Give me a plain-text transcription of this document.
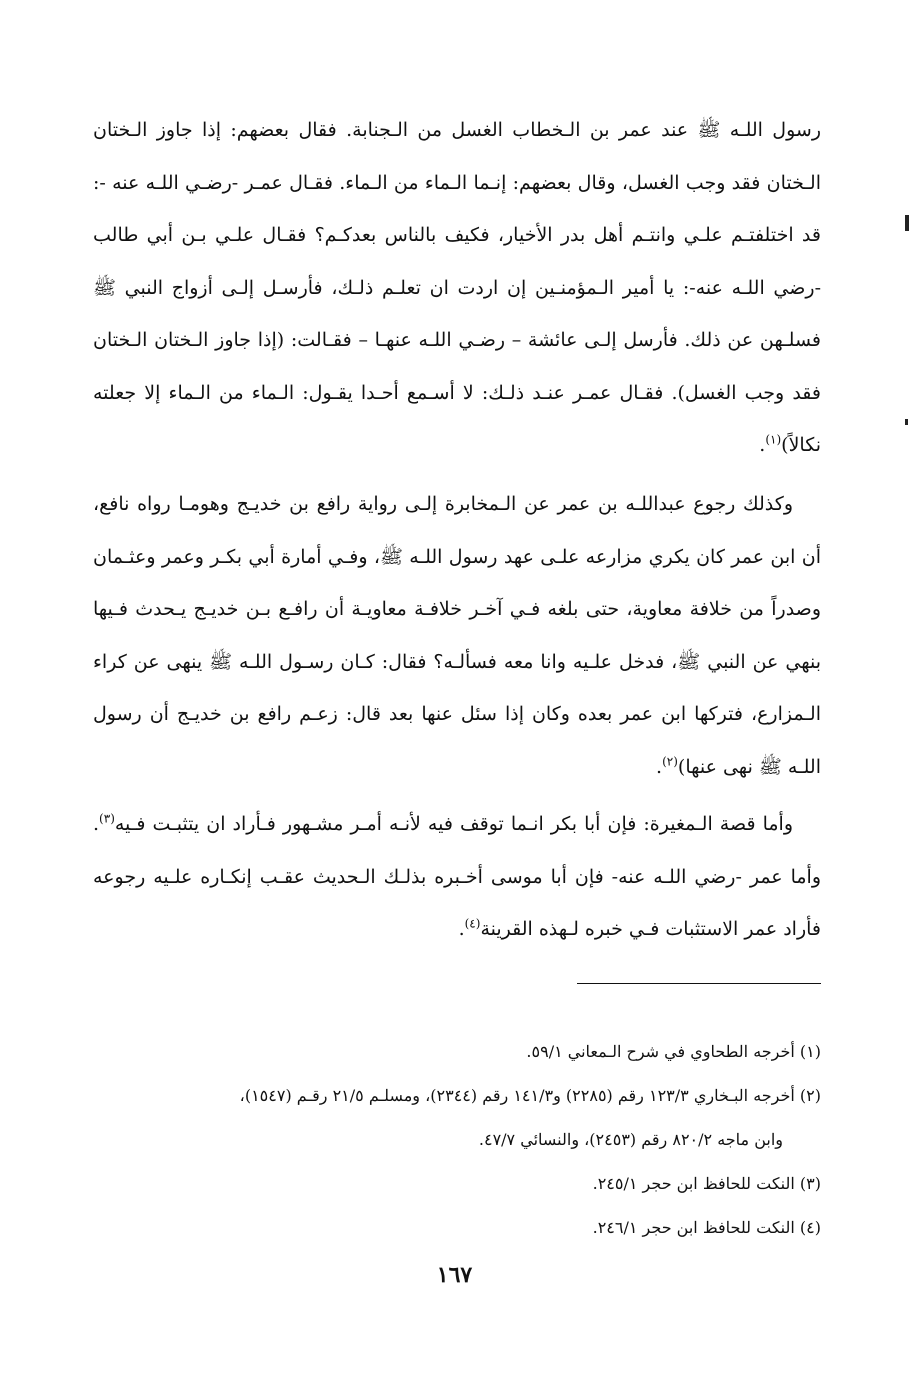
رسول اللـه ﷺ عند عمر بن الـخطاب الغسل من الـجنابة. فقال بعضهم: إذا جاوز الـختان الـختان فقد وجب الغسل، وقال بعضهم: إنـما الـماء من الـماء. فقـال عمـر -رضـي اللـه عنه -: قد اختلفتـم علـي وانتـم أهل بدر الأخيار، فكيف بالناس بعدكـم؟ فقـال علـي بـن أبي طالب -رضي اللـه عنه-: يا أمير الـمؤمنـين إن اردت ان تعلـم ذلـك، فأرسـل إلـى أزواج النبي ﷺ فسلـهن عن ذلك. فأرسل إلـى عائشة – رضـي اللـه عنهـا – فقـالت: (إذا جاوز الـختان الـختان فقد وجب الغسل). فقـال عمـر عنـد ذلـك: لا أسـمع أحـدا يقـول: الـماء من الـماء إلا جعلته نكالاً)$^{(١)}$.

وكذلك رجوع عبداللـه بن عمر عن الـمخابرة إلـى رواية رافع بن خديـج وهومـا رواه نافع، أن ابن عمر كان يكري مزارعه علـى عهد رسول اللـه ﷺ، وفـي أمارة أبي بكـر وعمر وعثـمان وصدراً من خلافة معاوية، حتى بلغه فـي آخـر خلافـة معاويـة أن رافـع بـن خديـج يـحدث فـيها بنهي عن النبي ﷺ، فدخل علـيه وانا معه فسألـه؟ فقال: كـان رسـول اللـه ﷺ ينهى عن كراء الـمزارع، فتركها ابن عمر بعده وكان إذا سئل عنها بعد قال: زعـم رافع بن خديـج أن رسول اللـه ﷺ نهى عنها)$^{(٢)}$.

وأما قصة الـمغيرة: فإن أبا بكر انـما توقف فيه لأنـه أمـر مشـهور فـأراد ان يتثبـت فـيه$^{(٣)}$. وأما عمر -رضي اللـه عنه- فإن أبا موسى أخـبره بذلـك الـحديث عقـب إنكـاره علـيه رجوعه فأراد عمر الاستثبات فـي خبره لـهذه القرينة$^{(٤)}$.

(١) أخرجه الطحاوي في شرح الـمعاني ٥٩/١.
(٢) أخرجه البـخاري ١٢٣/٣ رقم (٢٢٨٥) و١٤١/٣ رقم (٢٣٤٤)، ومسلـم ٢١/٥ رقـم (١٥٤٧)،
وابن ماجه ٨٢٠/٢ رقم (٢٤٥٣)، والنسائي ٤٧/٧.
(٣) النكت للحافظ ابن حجر ٢٤٥/١.
(٤) النكت للحافظ ابن حجر ٢٤٦/١.
١٦٧
